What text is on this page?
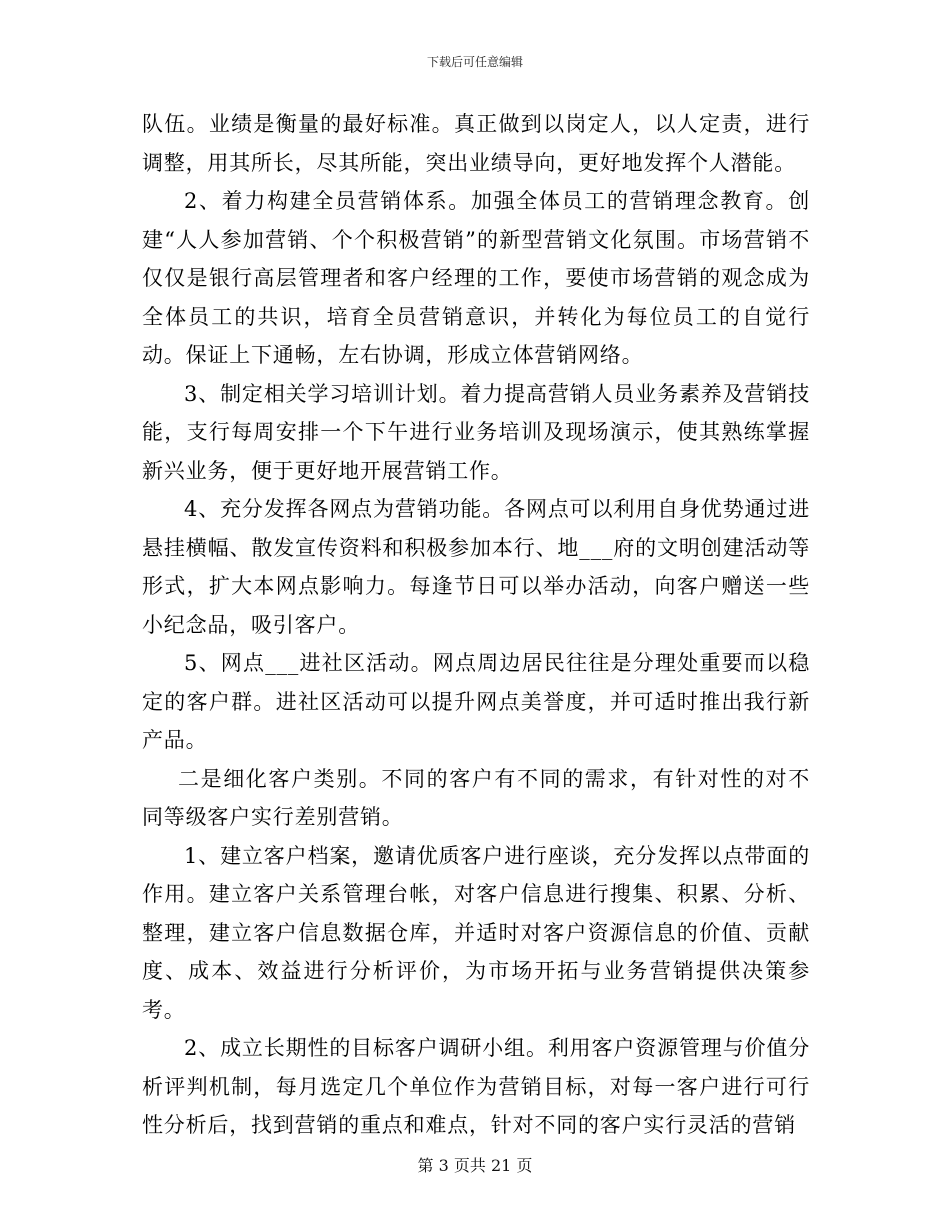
下载后可任意编辑

队伍。业绩是衡量的最好标准。真正做到以岗定人，以人定责，进行调整，用其所长，尽其所能，突出业绩导向，更好地发挥个人潜能。

2、着力构建全员营销体系。加强全体员工的营销理念教育。创建“人人参加营销、个个积极营销”的新型营销文化氛围。市场营销不仅仅是银行高层管理者和客户经理的工作，要使市场营销的观念成为全体员工的共识，培育全员营销意识，并转化为每位员工的自觉行动。保证上下通畅，左右协调，形成立体营销网络。

3、制定相关学习培训计划。着力提高营销人员业务素养及营销技能，支行每周安排一个下午进行业务培训及现场演示，使其熟练掌握新兴业务，便于更好地开展营销工作。

4、充分发挥各网点为营销功能。各网点可以利用自身优势通过进悬挂横幅、散发宣传资料和积极参加本行、地___府的文明创建活动等形式，扩大本网点影响力。每逢节日可以举办活动，向客户赠送一些小纪念品，吸引客户。

5、网点___进社区活动。网点周边居民往往是分理处重要而以稳定的客户群。进社区活动可以提升网点美誉度，并可适时推出我行新产品。

二是细化客户类别。不同的客户有不同的需求，有针对性的对不同等级客户实行差别营销。

1、建立客户档案，邀请优质客户进行座谈，充分发挥以点带面的作用。建立客户关系管理台帐，对客户信息进行搜集、积累、分析、整理，建立客户信息数据仓库，并适时对客户资源信息的价值、贡献度、成本、效益进行分析评价，为市场开拓与业务营销提供决策参考。

2、成立长期性的目标客户调研小组。利用客户资源管理与价值分析评判机制，每月选定几个单位作为营销目标，对每一客户进行可行性分析后，找到营销的重点和难点，针对不同的客户实行灵活的营销

第 3 页共 21 页
